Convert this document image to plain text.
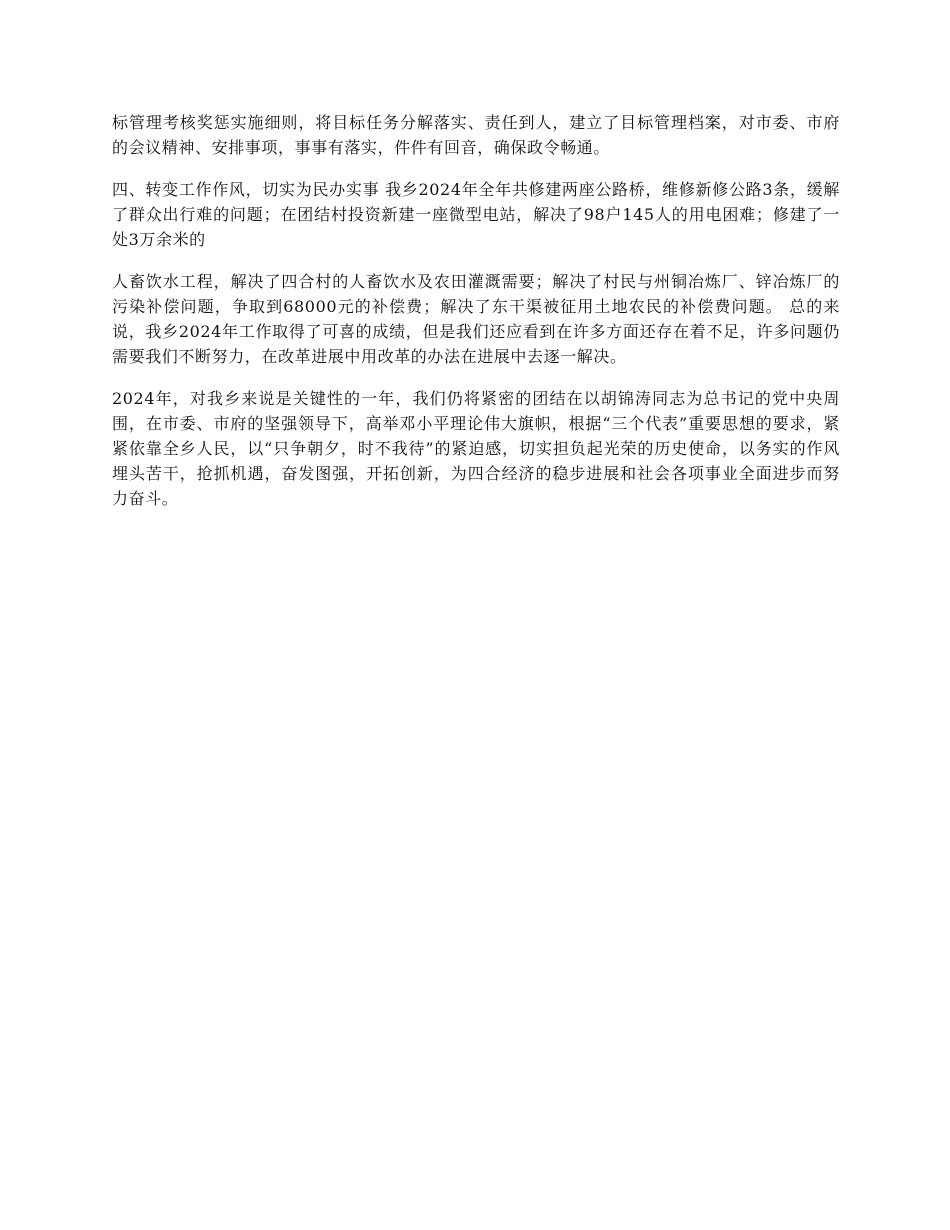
标管理考核奖惩实施细则，将目标任务分解落实、责任到人，建立了目标管理档案，对市委、市府的会议精神、安排事项，事事有落实，件件有回音，确保政令畅通。

四、转变工作作风，切实为民办实事 我乡2024年全年共修建两座公路桥，维修新修公路3条，缓解了群众出行难的问题；在团结村投资新建一座微型电站，解决了98户145人的用电困难；修建了一处3万余米的

人畜饮水工程，解决了四合村的人畜饮水及农田灌溉需要；解决了村民与州铜冶炼厂、锌冶炼厂的污染补偿问题，争取到68000元的补偿费；解决了东干渠被征用土地农民的补偿费问题。 总的来说，我乡2024年工作取得了可喜的成绩，但是我们还应看到在许多方面还存在着不足，许多问题仍需要我们不断努力，在改革进展中用改革的办法在进展中去逐一解决。

2024年，对我乡来说是关键性的一年，我们仍将紧密的团结在以胡锦涛同志为总书记的党中央周围，在市委、市府的坚强领导下，高举邓小平理论伟大旗帜，根据“三个代表”重要思想的要求，紧紧依靠全乡人民，以“只争朝夕，时不我待”的紧迫感，切实担负起光荣的历史使命，以务实的作风埋头苦干，抢抓机遇，奋发图强，开拓创新，为四合经济的稳步进展和社会各项事业全面进步而努力奋斗。
